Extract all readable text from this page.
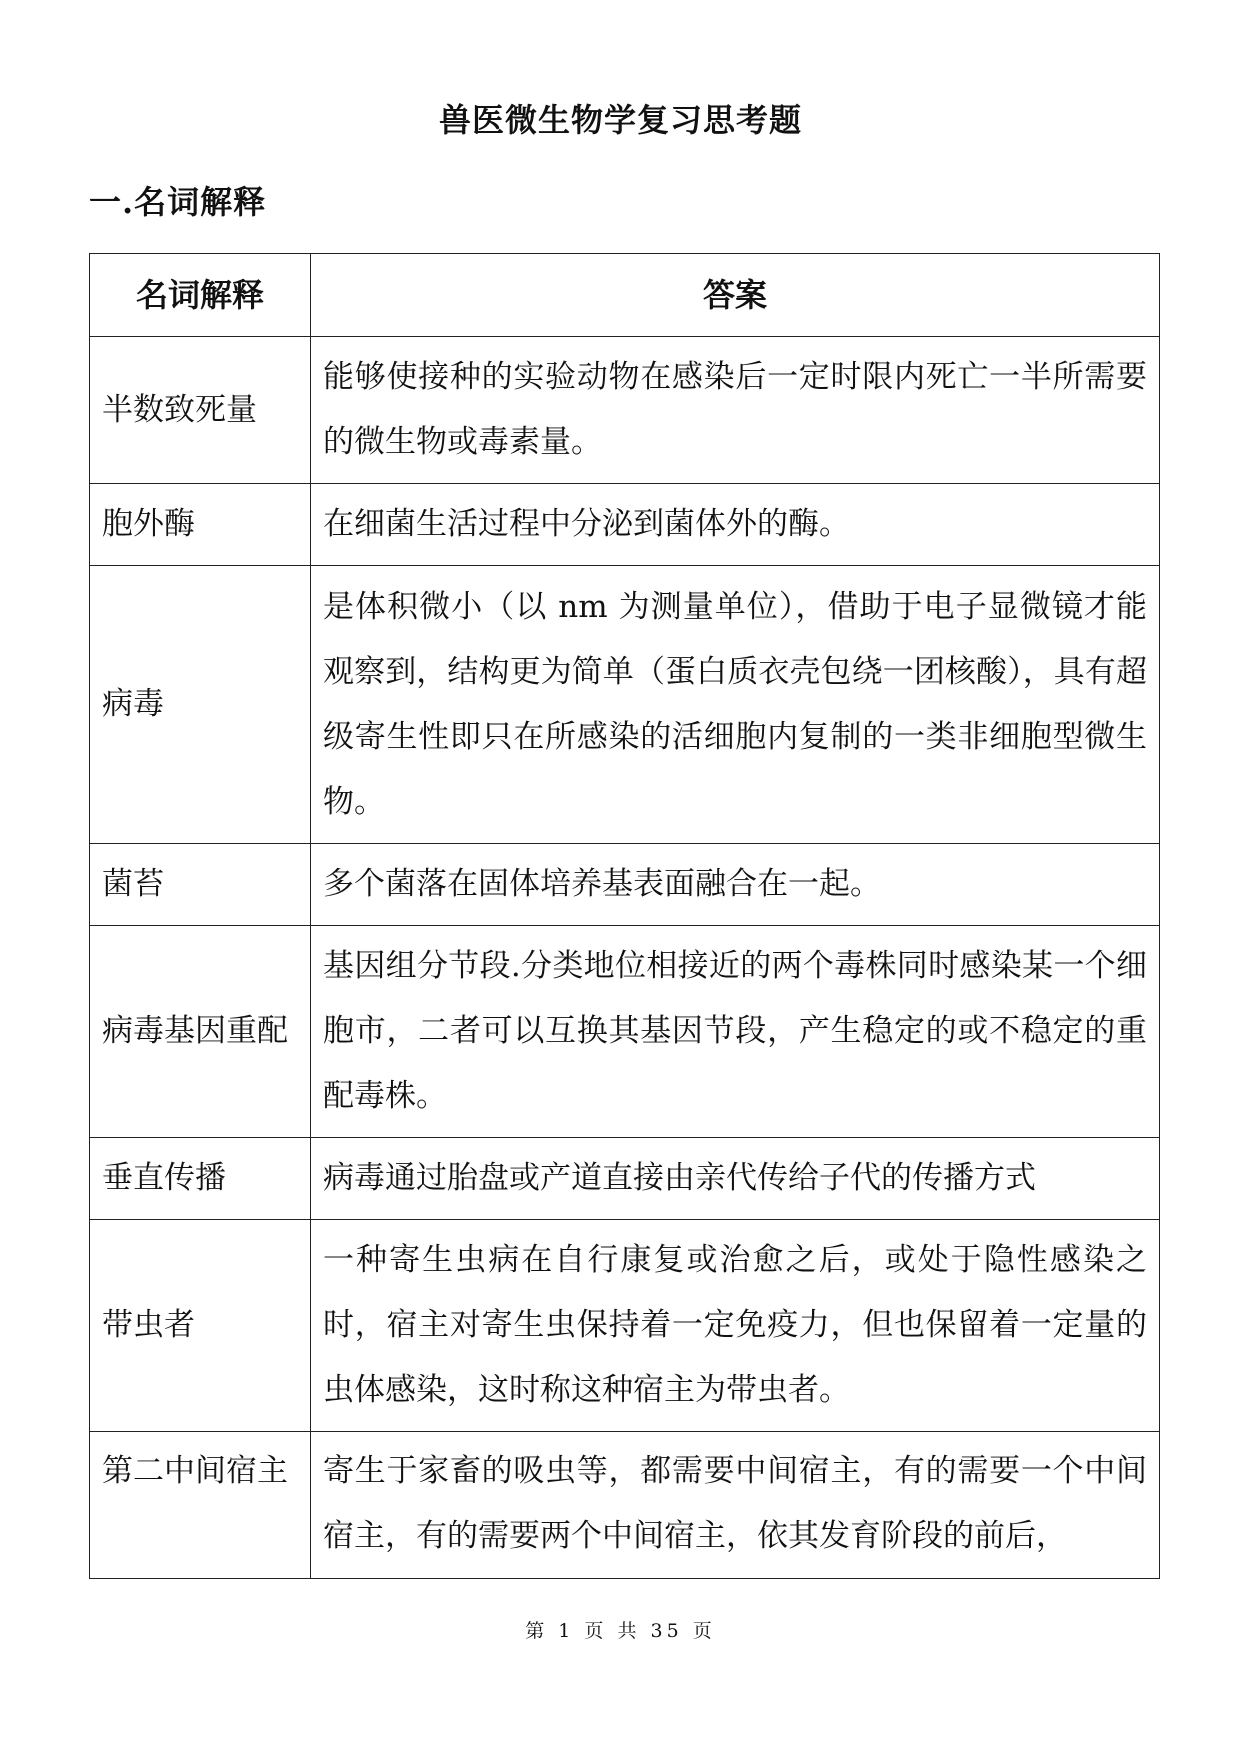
兽医微生物学复习思考题
一.名词解释
名词解释	答案
半数致死量	能够使接种的实验动物在感染后一定时限内死亡一半所需要的微生物或毒素量。
胞外酶	在细菌生活过程中分泌到菌体外的酶。
病毒	是体积微小（以 nm 为测量单位），借助于电子显微镜才能观察到，结构更为简单（蛋白质衣壳包绕一团核酸），具有超级寄生性即只在所感染的活细胞内复制的一类非细胞型微生物。
菌苔	多个菌落在固体培养基表面融合在一起。
病毒基因重配	基因组分节段.分类地位相接近的两个毒株同时感染某一个细胞市，二者可以互换其基因节段，产生稳定的或不稳定的重配毒株。
垂直传播	病毒通过胎盘或产道直接由亲代传给子代的传播方式
带虫者	一种寄生虫病在自行康复或治愈之后，或处于隐性感染之时，宿主对寄生虫保持着一定免疫力，但也保留着一定量的虫体感染，这时称这种宿主为带虫者。
第二中间宿主	寄生于家畜的吸虫等，都需要中间宿主，有的需要一个中间宿主，有的需要两个中间宿主，依其发育阶段的前后，
第 1 页 共 35 页
